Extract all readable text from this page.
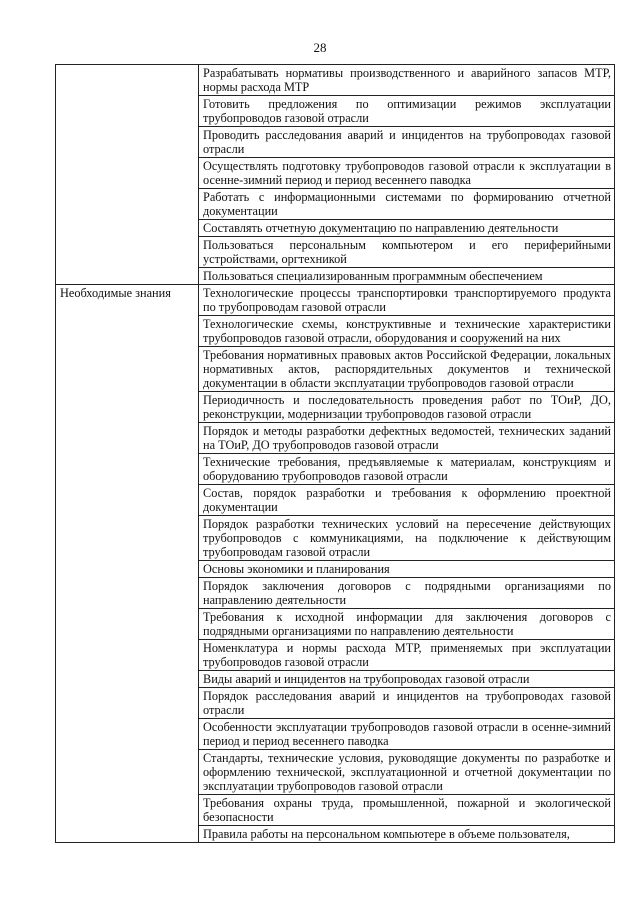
28
	Разрабатывать нормативы производственного и аварийного запасов МТР, нормы расхода МТР
	Готовить предложения по оптимизации режимов эксплуатации трубопроводов газовой отрасли
	Проводить расследования аварий и инцидентов на трубопроводах газовой отрасли
	Осуществлять подготовку трубопроводов газовой отрасли к эксплуатации в осенне-зимний период и период весеннего паводка
	Работать с информационными системами по формированию отчетной документации
	Составлять отчетную документацию по направлению деятельности
	Пользоваться персональным компьютером и его периферийными устройствами, оргтехникой
	Пользоваться специализированным программным обеспечением
Необходимые знания	Технологические процессы транспортировки транспортируемого продукта по трубопроводам газовой отрасли
	Технологические схемы, конструктивные и технические характеристики трубопроводов газовой отрасли, оборудования и сооружений на них
	Требования нормативных правовых актов Российской Федерации, локальных нормативных актов, распорядительных документов и технической документации в области эксплуатации трубопроводов газовой отрасли
	Периодичность и последовательность проведения работ по ТОиР, ДО, реконструкции, модернизации трубопроводов газовой отрасли
	Порядок и методы разработки дефектных ведомостей, технических заданий на ТОиР, ДО трубопроводов газовой отрасли
	Технические требования, предъявляемые к материалам, конструкциям и оборудованию трубопроводов газовой отрасли
	Состав, порядок разработки и требования к оформлению проектной документации
	Порядок разработки технических условий на пересечение действующих трубопроводов с коммуникациями, на подключение к действующим трубопроводам газовой отрасли
	Основы экономики и планирования
	Порядок заключения договоров с подрядными организациями по направлению деятельности
	Требования к исходной информации для заключения договоров с подрядными организациями по направлению деятельности
	Номенклатура и нормы расхода МТР, применяемых при эксплуатации трубопроводов газовой отрасли
	Виды аварий и инцидентов на трубопроводах газовой отрасли
	Порядок расследования аварий и инцидентов на трубопроводах газовой отрасли
	Особенности эксплуатации трубопроводов газовой отрасли в осенне-зимний период и период весеннего паводка
	Стандарты, технические условия, руководящие документы по разработке и оформлению технической, эксплуатационной и отчетной документации по эксплуатации трубопроводов газовой отрасли
	Требования охраны труда, промышленной, пожарной и экологической безопасности
	Правила работы на персональном компьютере в объеме пользователя,
